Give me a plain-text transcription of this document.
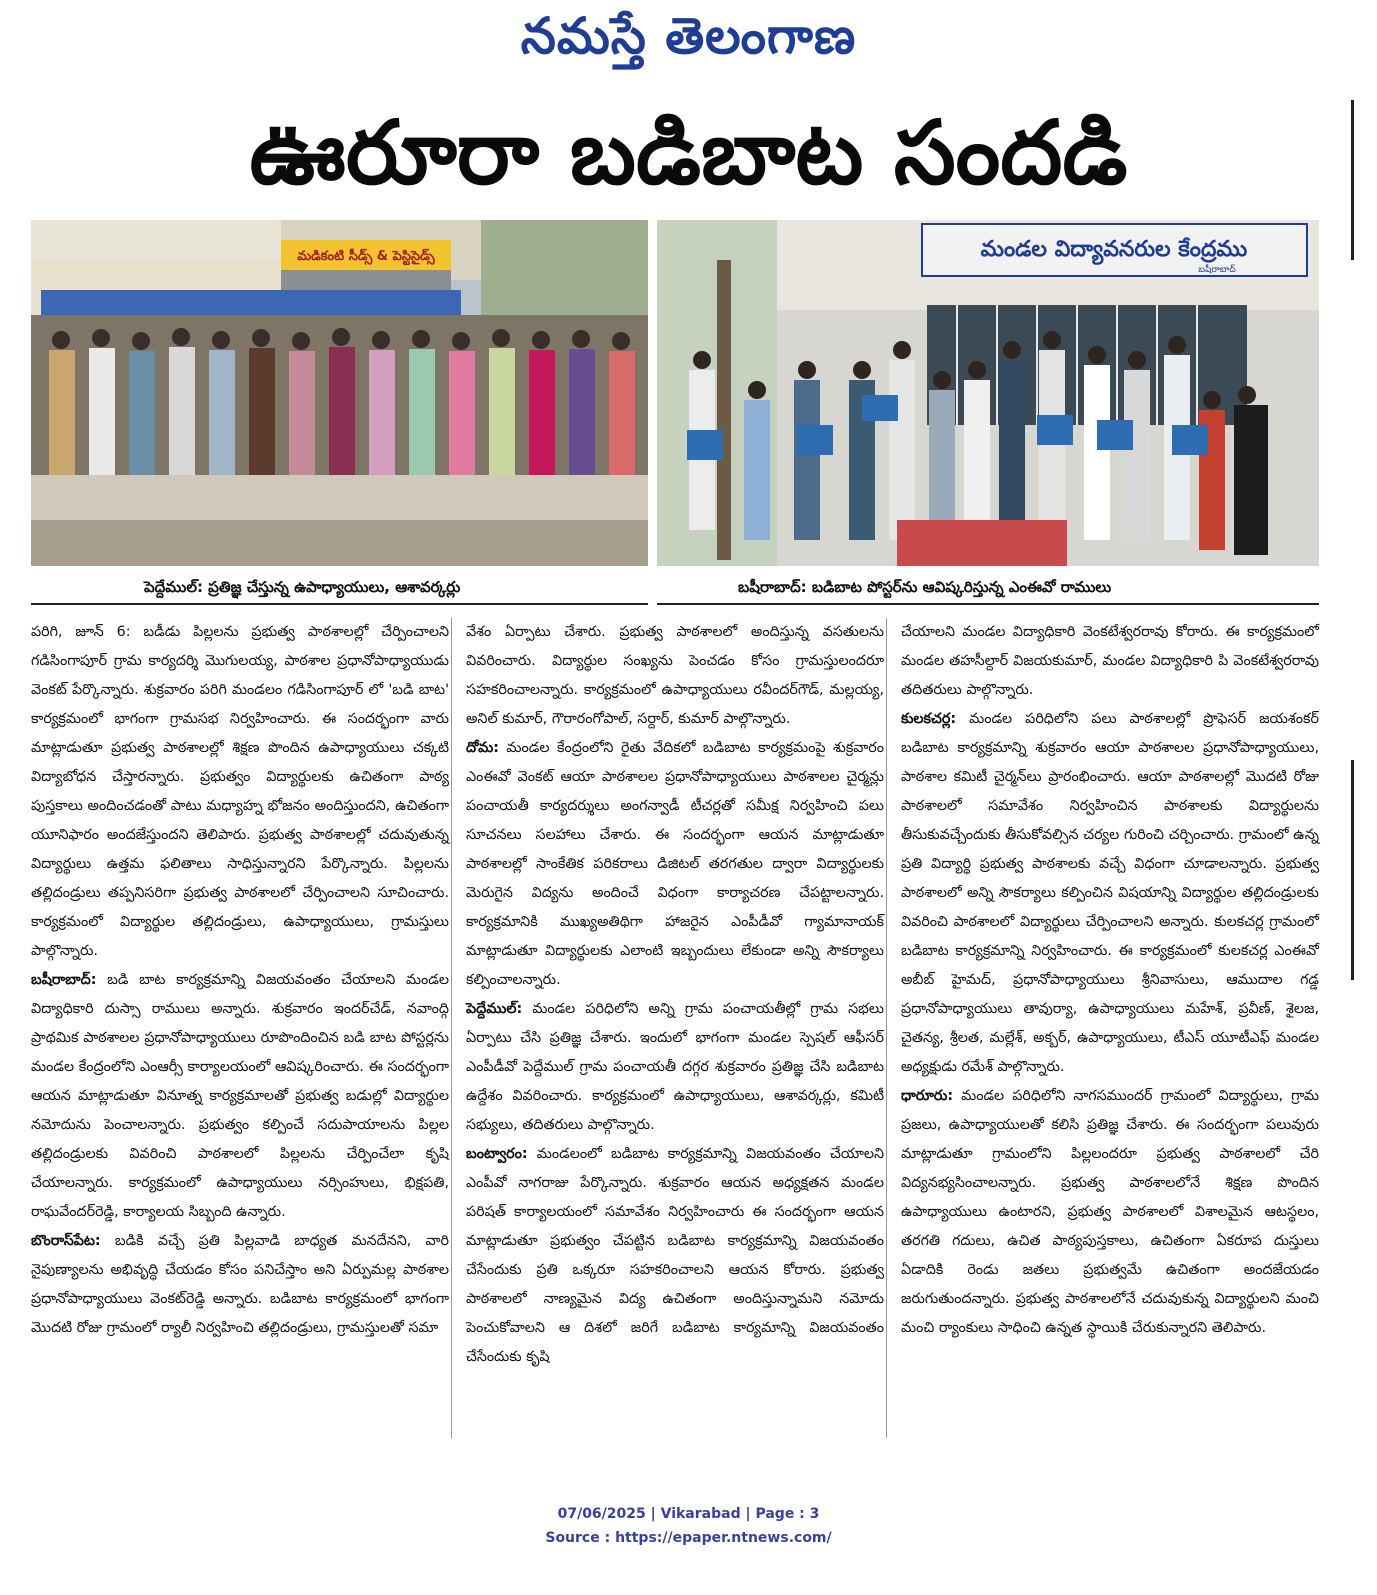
నమస్తే తెలంగాణ
ఊరూరా బడిబాట సందడి
మడికంటి సీడ్స్ & పెస్టిసైడ్స్	మండల విద్యావనరుల కేంద్రము
బషీరాబాద్
పెద్దేముల్: ప్రతిజ్ఞ చేస్తున్న ఉపాధ్యాయులు, ఆశావర్కర్లు	బషీరాబాద్: బడిబాట పోస్టర్‌ను ఆవిష్కరిస్తున్న ఎంఈవో రాములు

పరిగి, జూన్ 6: బడీడు పిల్లలను ప్రభుత్వ పాఠశాలల్లో చేర్పించాలని గడిసింగాపూర్ గ్రామ కార్యదర్శి మొగులయ్య, పాఠశాల ప్రధానోపాధ్యాయుడు వెంకట్ పేర్కొన్నారు. శుక్రవారం పరిగి మండలం గడిసింగాపూర్ లో 'బడి బాట' కార్యక్రమంలో భాగంగా గ్రామసభ నిర్వహించారు. ఈ సందర్భంగా వారు మాట్లాడుతూ ప్రభుత్వ పాఠశాలల్లో శిక్షణ పొందిన ఉపాధ్యాయులు చక్కటి విద్యాబోధన చేస్తారన్నారు. ప్రభుత్వం విద్యార్థులకు ఉచితంగా పాఠ్య పుస్తకాలు అందించడంతో పాటు మధ్యాహ్న భోజనం అందిస్తుందని, ఉచితంగా యూనిఫారం అందజేస్తుందని తెలిపారు. ప్రభుత్వ పాఠశాలల్లో చదువుతున్న విద్యార్థులు ఉత్తమ ఫలితాలు సాధిస్తున్నారని పేర్కొన్నారు. పిల్లలను తల్లిదండ్రులు తప్పనిసరిగా ప్రభుత్వ పాఠశాలలో చేర్పించాలని సూచించారు. కార్యక్రమంలో విద్యార్థుల తల్లిదండ్రులు, ఉపాధ్యాయులు, గ్రామస్తులు పాల్గొన్నారు.

బషీరాబాద్: బడి బాట కార్యక్రమాన్ని విజయవంతం చేయాలని మండల విద్యాధికారి దుస్సా రాములు అన్నారు. శుక్రవారం ఇందర్‌చేడ్, నవాంద్గి ప్రాథమిక పాఠశాలల ప్రధానోపాధ్యాయులు రూపొందించిన బడి బాట పోస్టర్లను మండల కేంద్రంలోని ఎంఆర్సీ కార్యాలయంలో ఆవిష్కరించారు. ఈ సందర్భంగా ఆయన మాట్లాడుతూ వినూత్న కార్యక్రమాలతో ప్రభుత్వ బడుల్లో విద్యార్థుల నమోదును పెంచాలన్నారు. ప్రభుత్వం కల్పించే సదుపాయాలను పిల్లల తల్లిదండ్రులకు వివరించి పాఠశాలలో పిల్లలను చేర్పించేలా కృషి చేయాలన్నారు. కార్యక్రమంలో ఉపాధ్యాయులు నర్సింహులు, భిక్షపతి, రాఘవేందర్‌రెడ్డి, కార్యాలయ సిబ్బంది ఉన్నారు.

బొంరాస్‌పేట: బడికి వచ్చే ప్రతి పిల్లవాడి బాధ్యత మనదేనని, వారి నైపుణ్యాలను అభివృద్ధి చేయడం కోసం పనిచేస్తాం అని ఏర్పుమల్ల పాఠశాల ప్రధానోపాధ్యాయులు వెంకట్‌రెడ్డి అన్నారు. బడిబాట కార్యక్రమంలో భాగంగా మొదటి రోజు గ్రామంలో ర్యాలీ నిర్వహించి తల్లిదండ్రులు, గ్రామస్తులతో సమా

వేశం ఏర్పాటు చేశారు. ప్రభుత్వ పాఠశాలలో అందిస్తున్న వసతులను వివరించారు. విద్యార్థుల సంఖ్యను పెంచడం కోసం గ్రామస్తులందరూ సహకరించాలన్నారు. కార్యక్రమంలో ఉపాధ్యాయులు రవీందర్‌గౌడ్, మల్లయ్య, అనిల్ కుమార్, గౌరారంగోపాల్, సర్దార్, కుమార్ పాల్గొన్నారు.

దోమ: మండల కేంద్రంలోని రైతు వేదికలో బడిబాట కార్యక్రమంపై శుక్రవారం ఎంఈవో వెంకట్ ఆయా పాఠశాలల ప్రధానోపాధ్యాయులు పాఠశాలల చైర్మన్లు పంచాయతీ కార్యదర్శులు అంగన్వాడీ టీచర్లతో సమీక్ష నిర్వహించి పలు సూచనలు సలహాలు చేశారు. ఈ సందర్భంగా ఆయన మాట్లాడుతూ పాఠశాలల్లో సాంకేతిక పరికరాలు డిజిటల్ తరగతుల ద్వారా విద్యార్థులకు మెరుగైన విద్యను అందించే విధంగా కార్యాచరణ చేపట్టాలన్నారు. కార్యక్రమానికి ముఖ్యఅతిథిగా హాజరైన ఎంపీడీవో గ్యామానాయక్ మాట్లాడుతూ విద్యార్థులకు ఎలాంటి ఇబ్బందులు లేకుండా అన్ని సౌకర్యాలు కల్పించాలన్నారు.

పెద్దేముల్: మండల పరిధిలోని అన్ని గ్రామ పంచాయతీల్లో గ్రామ సభలు ఏర్పాటు చేసి ప్రతిజ్ఞ చేశారు. ఇందులో భాగంగా మండల స్పెషల్ ఆఫీసర్ ఎంపీడీవో పెద్దేముల్ గ్రామ పంచాయతీ దగ్గర శుక్రవారం ప్రతిజ్ఞ చేసి బడిబాట ఉద్దేశం వివరించారు. కార్యక్రమంలో ఉపాధ్యాయులు, ఆశావర్కర్లు, కమిటీ సభ్యులు, తదితరులు పాల్గొన్నారు.

బంట్వారం: మండలంలో బడిబాట కార్యక్రమాన్ని విజయవంతం చేయాలని ఎంపీవో నాగరాజు పేర్కొన్నారు. శుక్రవారం ఆయన అధ్యక్షతన మండల పరిషత్ కార్యాలయంలో సమావేశం నిర్వహించారు ఈ సందర్భంగా ఆయన మాట్లాడుతూ ప్రభుత్వం చేపట్టిన బడిబాట కార్యక్రమాన్ని విజయవంతం చేసేందుకు ప్రతి ఒక్కరూ సహకరించాలని ఆయన కోరారు. ప్రభుత్వ పాఠశాలలో నాణ్యమైన విద్య ఉచితంగా అందిస్తున్నామని నమోదు పెంచుకోవాలని ఆ దిశలో జరిగే బడిబాట కార్యమాన్ని విజయవంతం చేసేందుకు కృషి

చేయాలని మండల విద్యాధికారి వెంకటేశ్వరరావు కోరారు. ఈ కార్యక్రమంలో మండల తహసీల్దార్ విజయకుమార్, మండల విద్యాధికారి పి వెంకటేశ్వరరావు తదితరులు పాల్గొన్నారు.

కులకచర్ల: మండల పరిధిలోని పలు పాఠశాలల్లో ప్రొఫెసర్ జయశంకర్ బడిబాట కార్యక్రమాన్ని శుక్రవారం ఆయా పాఠశాలల ప్రధానోపాధ్యాయులు, పాఠశాల కమిటీ చైర్మన్‌లు ప్రారంభించారు. ఆయా పాఠశాలల్లో మొదటి రోజు పాఠశాలలో సమావేశం నిర్వహించిన పాఠశాలకు విద్యార్థులను తీసుకువచ్చేందుకు తీసుకోవల్సిన చర్యల గురించి చర్చించారు. గ్రామంలో ఉన్న ప్రతి విద్యార్థి ప్రభుత్వ పాఠశాలకు వచ్చే విధంగా చూడాలన్నారు. ప్రభుత్వ పాఠశాలలో అన్ని సౌకర్యాలు కల్పించిన విషయాన్ని విద్యార్థుల తల్లిదండ్రులకు వివరించి పాఠశాలలో విద్యార్థులు చేర్పించాలని అన్నారు. కులకచర్ల గ్రామంలో బడిబాట కార్యక్రమాన్ని నిర్వహించారు. ఈ కార్యక్రమంలో కులకచర్ల ఎంఈవో అబీబ్ హైమద్, ప్రధానోపాధ్యాయులు శ్రీనివాసులు, ఆముదాల గడ్డ ప్రధానోపాధ్యాయులు తావుర్యా, ఉపాధ్యాయులు మహేశ్, ప్రవీణ్, శైలజ, చైతన్య, శ్రీలత, మల్లేశ్, అక్బర్, ఉపాధ్యాయులు, టీఎస్ యూటీఎఫ్ మండల అధ్యక్షుడు రమేశ్ పాల్గొన్నారు.

ధారూరు: మండల పరిధిలోని నాగసముందర్ గ్రామంలో విద్యార్థులు, గ్రామ ప్రజలు, ఉపాధ్యాయులతో కలిసి ప్రతిజ్ఞ చేశారు. ఈ సందర్భంగా పలువురు మాట్లాడుతూ గ్రామంలోని పిల్లలందరూ ప్రభుత్వ పాఠశాలలో చేరి విద్యనభ్యసించాలన్నారు. ప్రభుత్వ పాఠశాలలోనే శిక్షణ పొందిన ఉపాధ్యాయులు ఉంటారని, ప్రభుత్వ పాఠశాలలో విశాలమైన ఆటస్థలం, తరగతి గదులు, ఉచిత పాఠ్యపుస్తకాలు, ఉచితంగా ఏకరూప దుస్తులు ఏడాదికి రెండు జతలు ప్రభుత్వమే ఉచితంగా అందజేయడం జరుగుతుందన్నారు. ప్రభుత్వ పాఠశాలలోనే చదువుకున్న విద్యార్థులని మంచి మంచి ర్యాంకులు సాధించి ఉన్నత స్థాయికి చేరుకున్నారని తెలిపారు.

07/06/2025 | Vikarabad | Page : 3
Source : https://epaper.ntnews.com/
